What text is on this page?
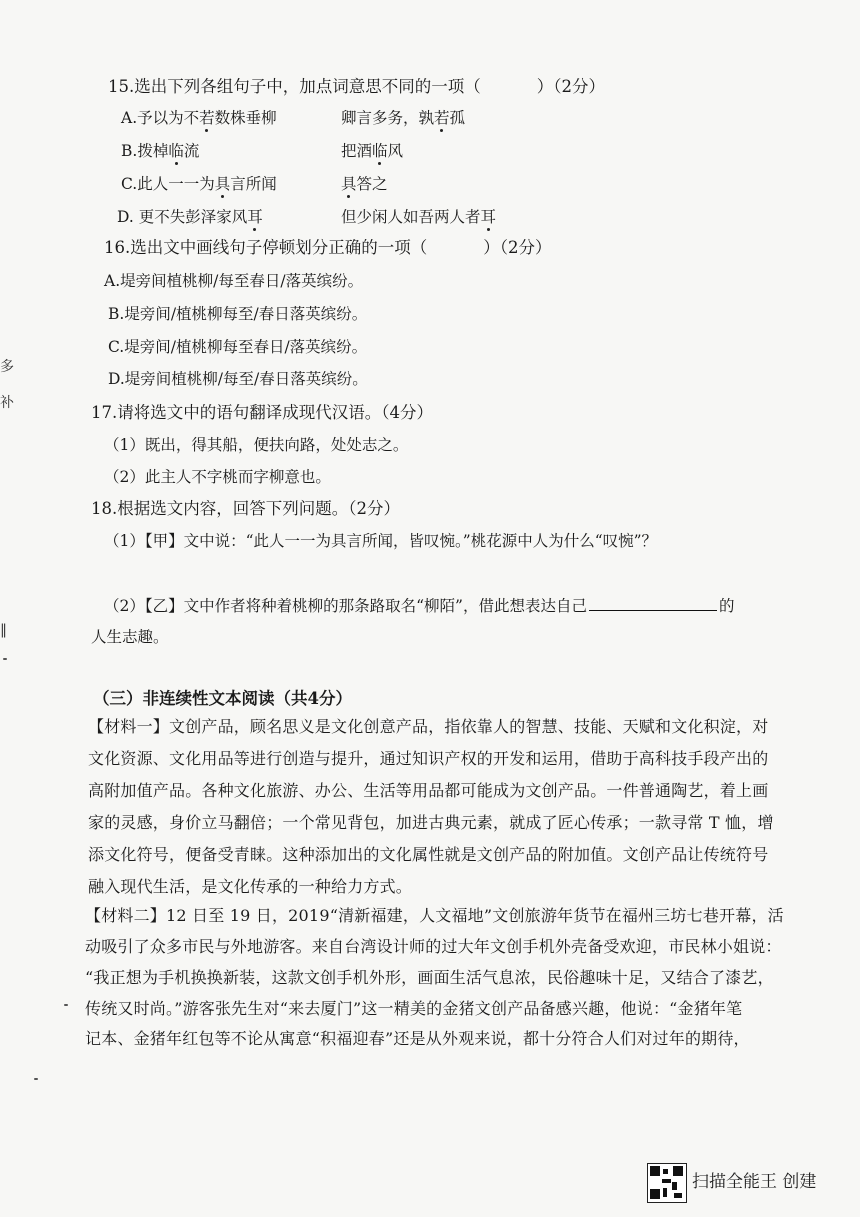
15.选出下列各组句子中，加点词意思不同的一项（	）（2分）
A.予以为不若数株垂柳	卿言多务，孰若孤
B.拨棹临流	把酒临风
C.此人一一为具言所闻	具答之
D. 更不失彭泽家风耳	但少闲人如吾两人者耳
16.选出文中画线句子停顿划分正确的一项（	）（2分）
A.堤旁间植桃柳/每至春日/落英缤纷。
B.堤旁间/植桃柳每至/春日落英缤纷。
C.堤旁间/植桃柳每至春日/落英缤纷。
D.堤旁间植桃柳/每至/春日落英缤纷。
17.请将选文中的语句翻译成现代汉语。（4分）
（1）既出，得其船，便扶向路，处处志之。
（2）此主人不字桃而字柳意也。
18.根据选文内容，回答下列问题。（2分）
（1）【甲】文中说：“此人一一为具言所闻，皆叹惋。”桃花源中人为什么“叹惋”？
（2）【乙】文中作者将种着桃柳的那条路取名“柳陌”，借此想表达自己	的
人生志趣。
（三）非连续性文本阅读（共4分）
【材料一】文创产品，顾名思义是文化创意产品，指依靠人的智慧、技能、天赋和文化积淀，对
文化资源、文化用品等进行创造与提升，通过知识产权的开发和运用，借助于高科技手段产出的
高附加值产品。各种文化旅游、办公、生活等用品都可能成为文创产品。一件普通陶艺，着上画
家的灵感，身价立马翻倍；一个常见背包，加进古典元素，就成了匠心传承；一款寻常 T 恤，增
添文化符号，便备受青睐。这种添加出的文化属性就是文创产品的附加值。文创产品让传统符号
融入现代生活，是文化传承的一种给力方式。
【材料二】12 日至 19 日，2019“清新福建，人文福地”文创旅游年货节在福州三坊七巷开幕，活
动吸引了众多市民与外地游客。来自台湾设计师的过大年文创手机外壳备受欢迎，市民林小姐说：
“我正想为手机换换新装，这款文创手机外形，画面生活气息浓，民俗趣味十足，又结合了漆艺，
传统又时尚。”游客张先生对“来去厦门”这一精美的金猪文创产品备感兴趣，他说：“金猪年笔
记本、金猪年红包等不论从寓意“积福迎春”还是从外观来说，都十分符合人们对过年的期待，
多
补
‖
扫描全能王 创建
